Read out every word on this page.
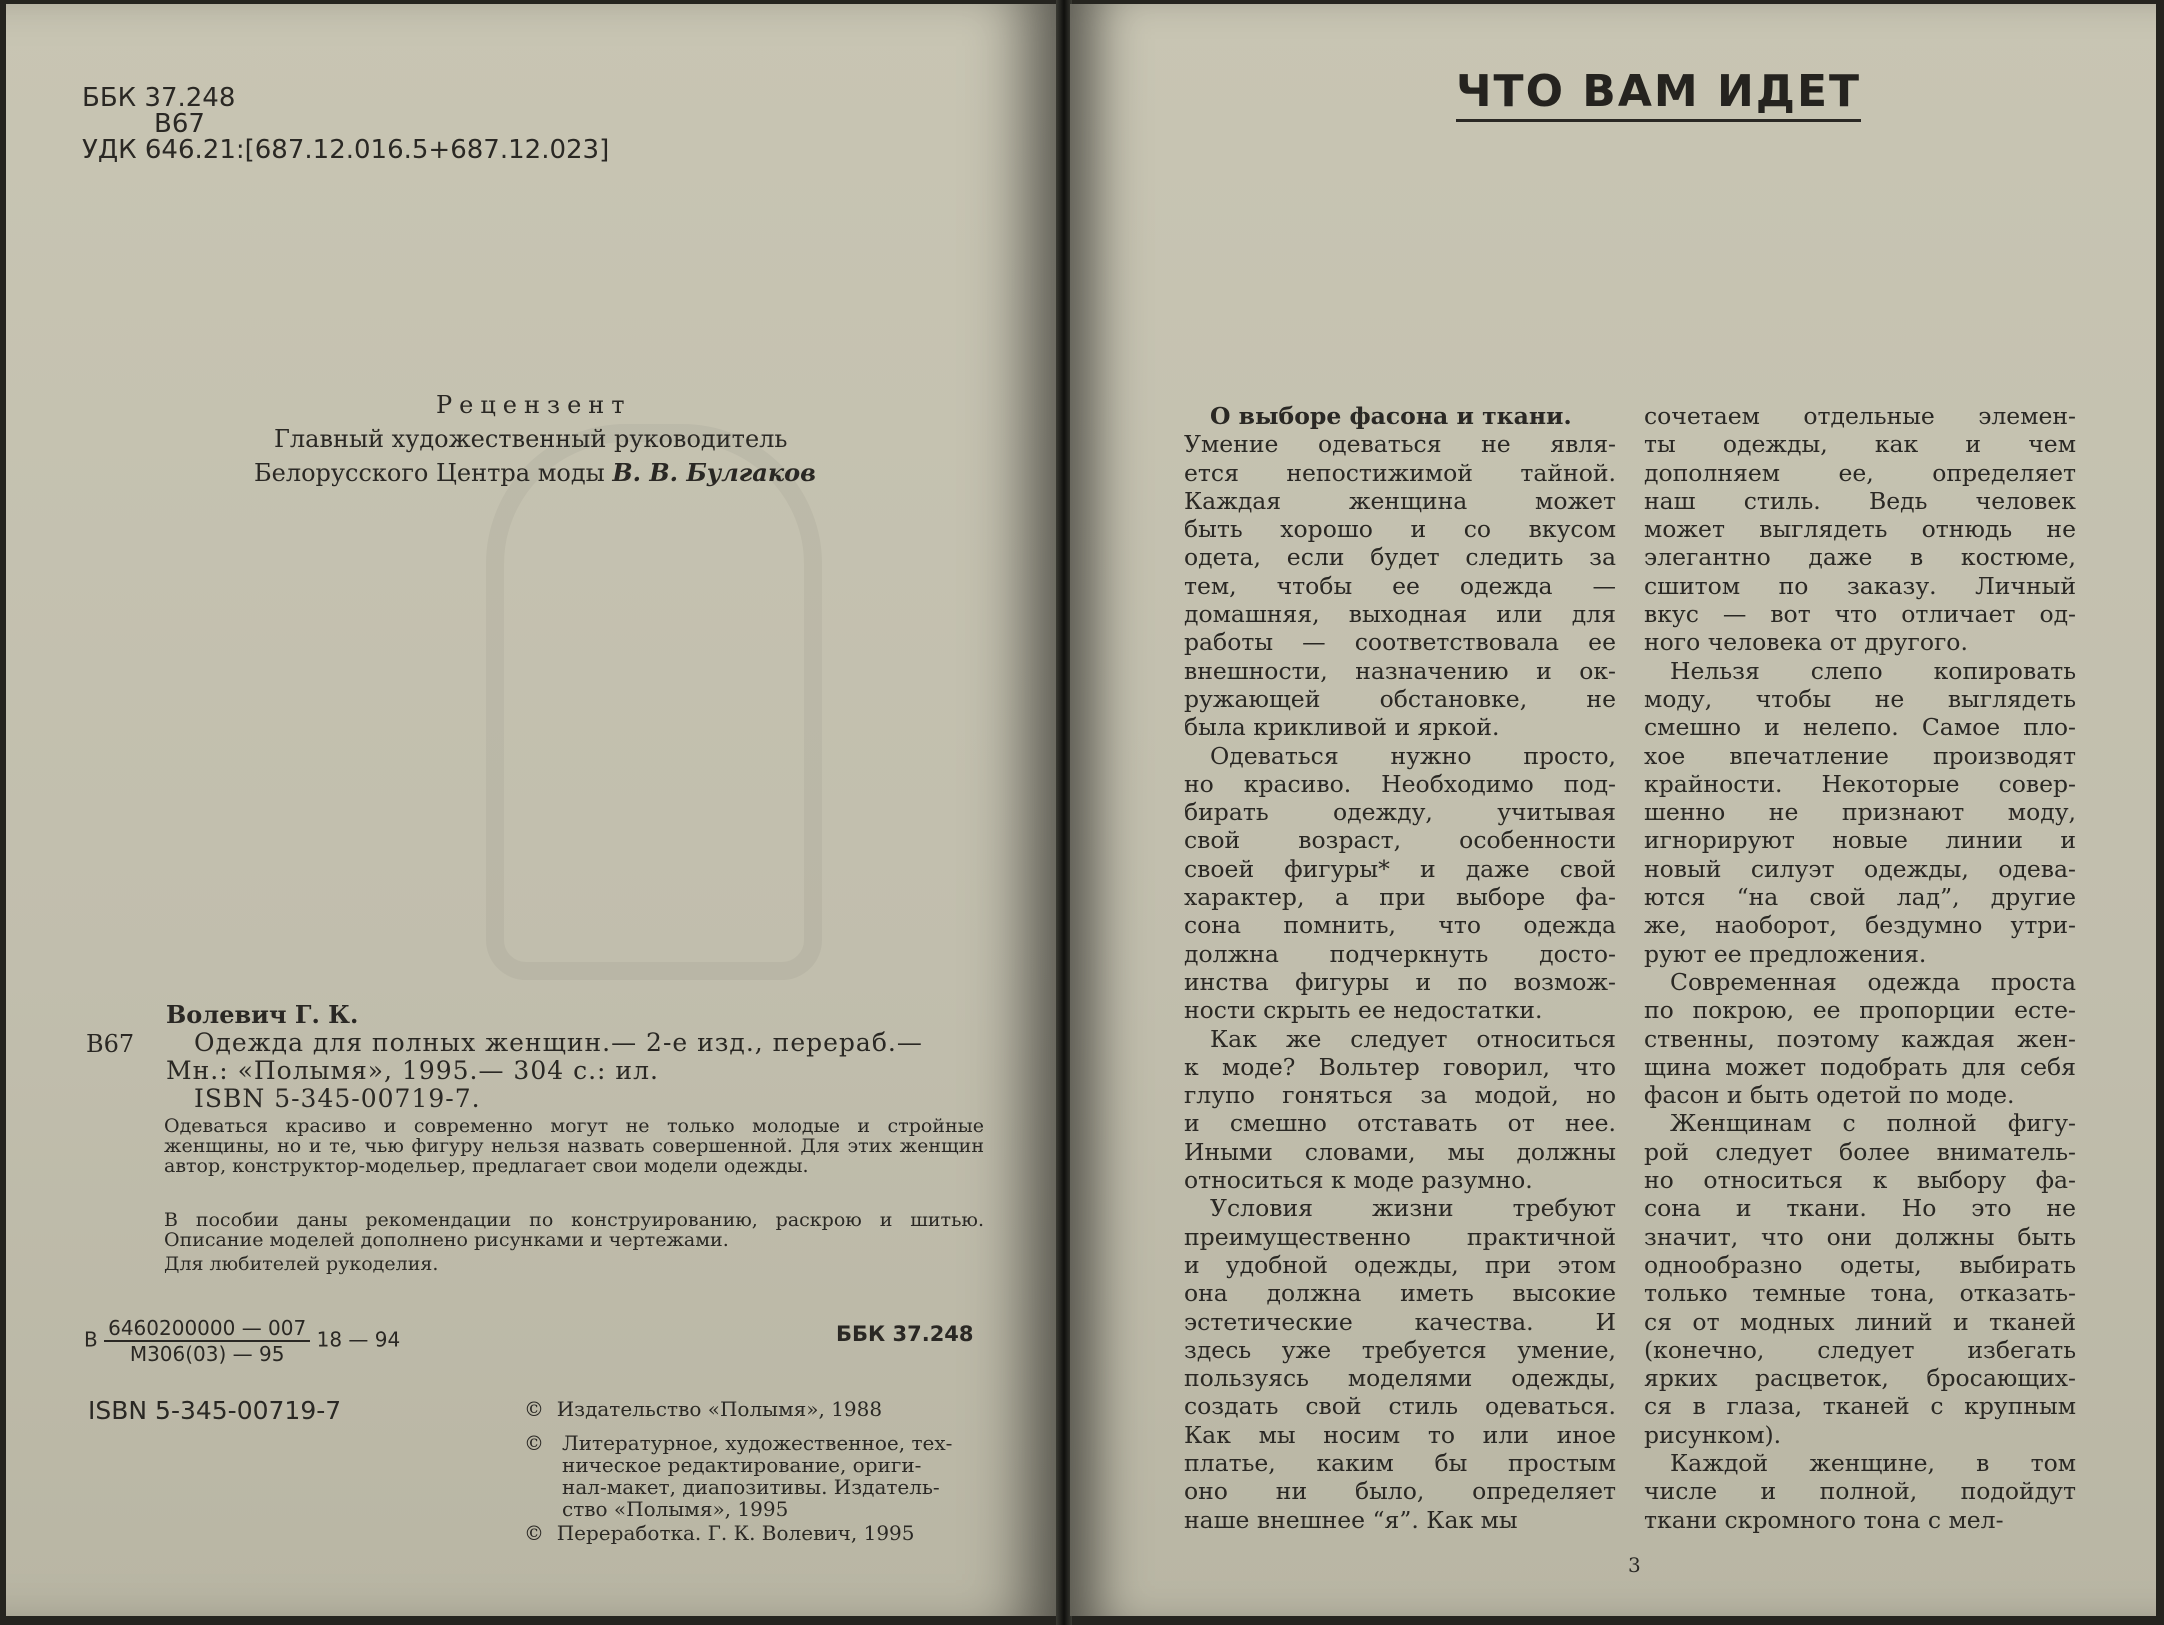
ББК 37.248
B67
УДК 646.21:[687.12.016.5+687.12.023]
Рецензент
Главный художественный руководитель
Белорусского Центра моды В. В. Булгаков
Волевич Г. К.
B67 Одежда для полных женщин.— 2-е изд., перераб.—
Мн.: «Полымя», 1995.— 304 с.: ил.
ISBN 5-345-00719-7.
Одеваться красиво и современно могут не только молодые и стройные женщины, но и те, чью фигуру нельзя назвать совершенной. Для этих женщин автор, конструктор-модельер, предлагает свои модели одежды.
В пособии даны рекомендации по конструированию, раскрою и шитью. Описание моделей дополнено рисунками и чертежами.
Для любителей рукоделия.
B $\frac{6460200000 — 007}{M306(03) — 95} 18$ — 94	ББК 37.248
ISBN 5-345-00719-7	© Издательство «Полымя», 1988
© Литературное, художественное, тех-
ническое редактирование, ориги-
нал-макет, диапозитивы. Издатель-
ство «Полымя», 1995
© Переработка. Г. К. Волевич, 1995
ЧТО ВАМ ИДЕТ
О выборе фасона и ткани.
Умение одеваться не явля-
ется непостижимой тайной.
Каждая женщина может
быть хорошо и со вкусом
одета, если будет следить за
тем, чтобы ее одежда —
домашняя, выходная или для
работы — соответствовала ее
внешности, назначению и ок-
ружающей обстановке, не
была крикливой и яркой.
Одеваться нужно просто,
но красиво. Необходимо под-
бирать одежду, учитывая
свой возраст, особенности
своей фигуры* и даже свой
характер, а при выборе фа-
сона помнить, что одежда
должна подчеркнуть досто-
инства фигуры и по возмож-
ности скрыть ее недостатки.
Как же следует относиться
к моде? Вольтер говорил, что
глупо гоняться за модой, но
и смешно отставать от нее.
Иными словами, мы должны
относиться к моде разумно.
Условия жизни требуют
преимущественно практичной
и удобной одежды, при этом
она должна иметь высокие
эстетические качества. И
здесь уже требуется умение,
пользуясь моделями одежды,
создать свой стиль одеваться.
Как мы носим то или иное
платье, каким бы простым
оно ни было, определяет
наше внешнее “я”. Как мы
сочетаем отдельные элемен-
ты одежды, как и чем
дополняем ее, определяет
наш стиль. Ведь человек
может выглядеть отнюдь не
элегантно даже в костюме,
сшитом по заказу. Личный
вкус — вот что отличает од-
ного человека от другого.
Нельзя слепо копировать
моду, чтобы не выглядеть
смешно и нелепо. Самое пло-
хое впечатление производят
крайности. Некоторые совер-
шенно не признают моду,
игнорируют новые линии и
новый силуэт одежды, одева-
ются “на свой лад”, другие
же, наоборот, бездумно утри-
руют ее предложения.
Современная одежда проста
по покрою, ее пропорции есте-
ственны, поэтому каждая жен-
щина может подобрать для себя
фасон и быть одетой по моде.
Женщинам с полной фигу-
рой следует более вниматель-
но относиться к выбору фа-
сона и ткани. Но это не
значит, что они должны быть
однообразно одеты, выбирать
только темные тона, отказать-
ся от модных линий и тканей
(конечно, следует избегать
ярких расцветок, бросающих-
ся в глаза, тканей с крупным
рисунком).
Каждой женщине, в том
числе и полной, подойдут
ткани скромного тона с мел-
3
